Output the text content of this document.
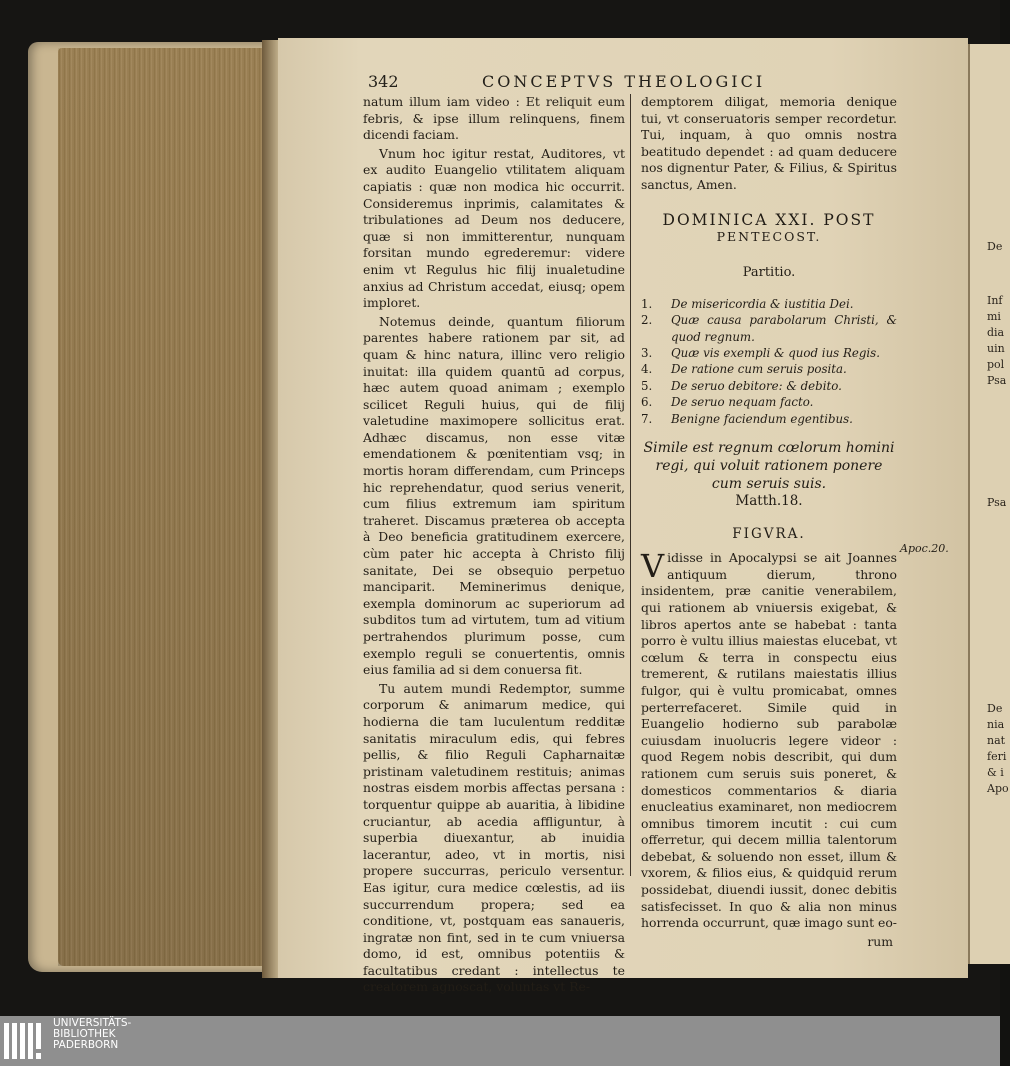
De
Inf
mi
dia
uin
pol
Psa
Psa
De
nia
nat
feri
& i
Apo
342	CONCEPTVS THEOLOGICI

natum illum iam video : Et reliquit eum febris, & ipse illum relinquens, finem dicendi faciam.

Vnum hoc igitur restat, Auditores, vt ex audito Euangelio vtilitatem aliquam capiatis : quæ non modica hic occurrit. Consideremus inprimis, calamitates & tribulationes ad Deum nos deducere, quæ si non immitterentur, nunquam forsitan mundo egrederemur: videre enim vt Regulus hic filij inualetudine anxius ad Christum accedat, eiusq; opem imploret.

Notemus deinde, quantum filiorum parentes habere rationem par sit, ad quam & hinc natura, illinc vero religio inuitat: illa quidem quantū ad corpus, hæc autem quoad animam ; exemplo scilicet Reguli huius, qui de filij valetudine maximopere sollicitus erat. Adhæc discamus, non esse vitæ emendationem & pœnitentiam vsq; in mortis horam differendam, cum Princeps hic reprehendatur, quod serius venerit, cum filius extremum iam spiritum traheret. Discamus præterea ob accepta à Deo beneficia gratitudinem exercere, cùm pater hic accepta à Christo filij sanitate, Dei se obsequio perpetuo manciparit. Meminerimus denique, exempla dominorum ac superiorum ad subditos tum ad virtutem, tum ad vitium pertrahendos plurimum posse, cum exemplo reguli se conuertentis, omnis eius familia ad si dem conuersa fit.

Tu autem mundi Redemptor, summe corporum & animarum medice, qui hodierna die tam luculentum redditæ sanitatis miraculum edis, qui febres pellis, & filio Reguli Capharnaitæ pristinam valetudinem restituis; animas nostras eisdem morbis affectas persana : torquentur quippe ab auaritia, à libidine cruciantur, ab acedia affliguntur, à superbia diuexantur, ab inuidia lacerantur, adeo, vt in mortis, nisi propere succurras, periculo versentur. Eas igitur, cura medice cœlestis, ad iis succurrendum propera; sed ea conditione, vt, postquam eas sanaueris, ingratæ non fint, sed in te cum vniuersa domo, id est, omnibus potentiis & facultatibus credant : intellectus te creatorem agnoscat, voluntas vt Re-

demptorem diligat, memoria denique tui, vt conseruatoris semper recordetur. Tui, inquam, à quo omnis nostra beatitudo dependet : ad quam deducere nos dignentur Pater, & Filius, & Spiritus sanctus, Amen.

DOMINICA XXI. POST
PENTECOST.
Partitio.
1. De misericordia & iustitia Dei.
2. Quæ causa parabolarum Christi, & quod regnum.
3. Quæ vis exempli & quod ius Regis.
4. De ratione cum seruis posita.
5. De seruo debitore: & debito.
6. De seruo nequam facto.
7. Benigne faciendum egentibus.
Simile est regnum cœlorum homini regi, qui voluit rationem ponere cum seruis suis.
Matth.18.
FIGVRA.

Vidisse in Apocalypsi se ait Joannes antiquum dierum, throno insidentem, præ canitie venerabilem, qui rationem ab vniuersis exigebat, & libros apertos ante se habebat : tanta porro è vultu illius maiestas elucebat, vt cœlum & terra in conspectu eius tremerent, & rutilans maiestatis illius fulgor, qui è vultu promicabat, omnes perterrefaceret. Simile quid in Euangelio hodierno sub parabolæ cuiusdam inuolucris legere videor : quod Regem nobis describit, qui dum rationem cum seruis suis poneret, & domesticos commentarios & diaria enucleatius examinaret, non mediocrem omnibus timorem incutit : cui cum offerretur, qui decem millia talentorum debebat, & soluendo non esset, illum & vxorem, & filios eius, & quidquid rerum possidebat, diuendi iussit, donec debitis satisfecisset. In quo & alia non minus horrenda occurrunt, quæ imago sunt eo-

rum
Apoc.20.
UNIVERSITÄTS-
BIBLIOTHEK
PADERBORN
